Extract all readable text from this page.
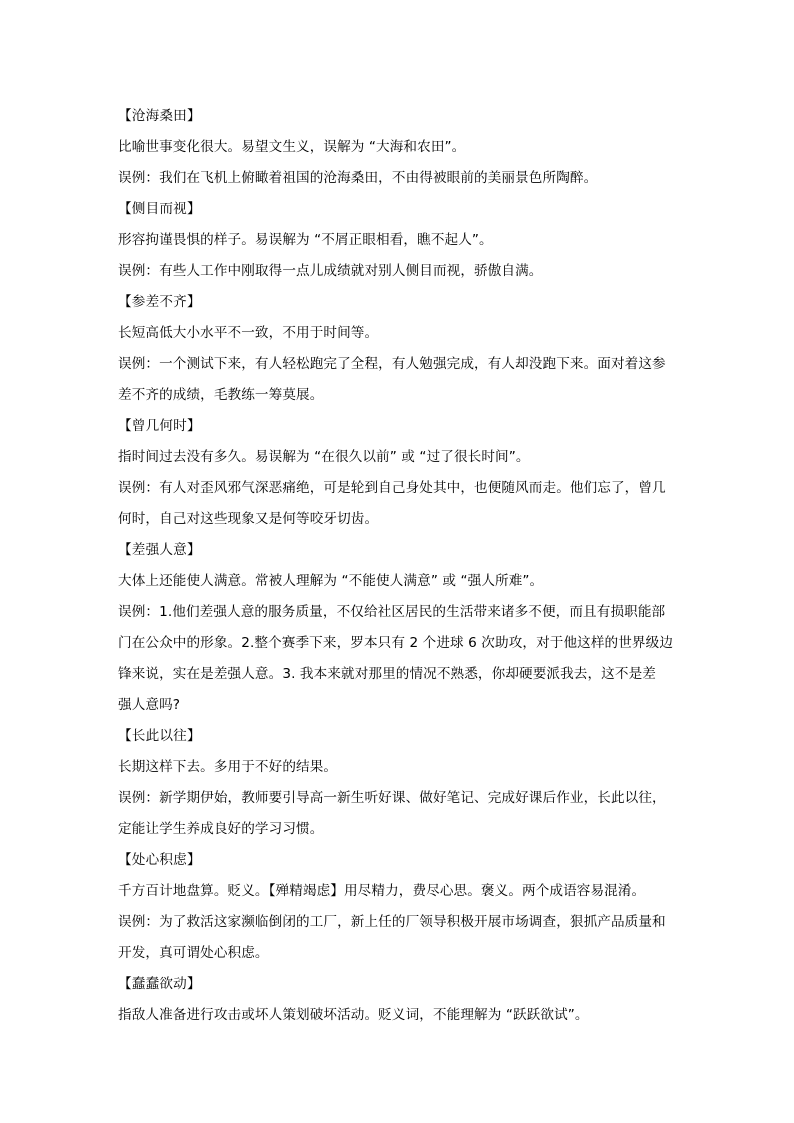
【沧海桑田】
比喻世事变化很大。易望文生义，误解为 “大海和农田”。
误例：我们在飞机上俯瞰着祖国的沧海桑田，不由得被眼前的美丽景色所陶醉。
【侧目而视】
形容拘谨畏惧的样子。易误解为 “不屑正眼相看，瞧不起人”。
误例：有些人工作中刚取得一点儿成绩就对别人侧目而视，骄傲自满。
【参差不齐】
长短高低大小水平不一致，不用于时间等。
误例：一个测试下来，有人轻松跑完了全程，有人勉强完成，有人却没跑下来。面对着这参
差不齐的成绩，毛教练一筹莫展。
【曾几何时】
指时间过去没有多久。易误解为 “在很久以前” 或 “过了很长时间”。
误例：有人对歪风邪气深恶痛绝，可是轮到自己身处其中，也便随风而走。他们忘了，曾几
何时，自己对这些现象又是何等咬牙切齿。
【差强人意】
大体上还能使人满意。常被人理解为 “不能使人满意” 或 “强人所难”。
误例：1.他们差强人意的服务质量，不仅给社区居民的生活带来诸多不便，而且有损职能部
门在公众中的形象。2.整个赛季下来，罗本只有 2 个进球 6 次助攻，对于他这样的世界级边
锋来说，实在是差强人意。3. 我本来就对那里的情况不熟悉，你却硬要派我去，这不是差
强人意吗?
【长此以往】
长期这样下去。多用于不好的结果。
误例：新学期伊始，教师要引导高一新生听好课、做好笔记、完成好课后作业，长此以往，
定能让学生养成良好的学习习惯。
【处心积虑】
千方百计地盘算。贬义。【殚精竭虑】用尽精力，费尽心思。褒义。两个成语容易混淆。
误例：为了救活这家濒临倒闭的工厂，新上任的厂领导积极开展市场调查，狠抓产品质量和
开发，真可谓处心积虑。
【蠢蠢欲动】
指敌人准备进行攻击或坏人策划破坏活动。贬义词，不能理解为 “跃跃欲试”。
